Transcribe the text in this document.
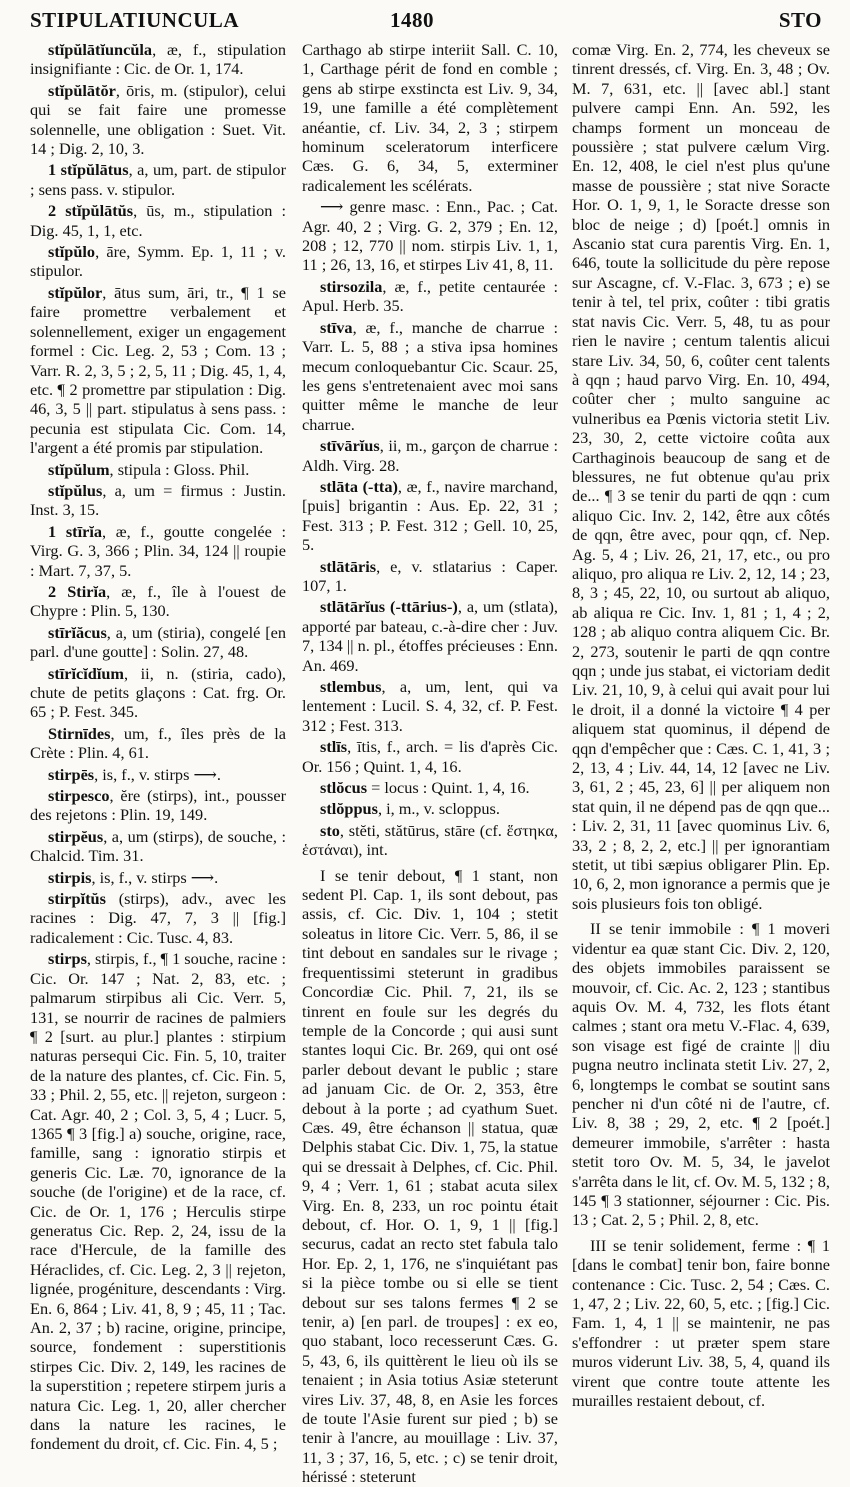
STIPULATIUNCULA	1480	STO

stĭpŭlātĭuncŭla, æ, f., stipulation insignifiante : Cic. de Or. 1, 174.

stĭpŭlātŏr, ōris, m. (stipulor), celui qui se fait faire une promesse solennelle, une obligation : Suet. Vit. 14 ; Dig. 2, 10, 3.

1 stĭpŭlātus, a, um, part. de stipulor ; sens pass. v. stipulor.

2 stĭpŭlātŭs, ūs, m., stipulation : Dig. 45, 1, 1, etc.

stĭpŭlo, āre, Symm. Ep. 1, 11 ; v. stipulor.

stĭpŭlor, ātus sum, āri, tr., ¶ 1 se faire promettre verbalement et solennellement, exiger un engagement formel : Cic. Leg. 2, 53 ; Com. 13 ; Varr. R. 2, 3, 5 ; 2, 5, 11 ; Dig. 45, 1, 4, etc. ¶ 2 promettre par stipulation : Dig. 46, 3, 5 || part. stipulatus à sens pass. : pecunia est stipulata Cic. Com. 14, l'argent a été promis par stipulation.

stĭpŭlum, stipula : Gloss. Phil.

stĭpŭlus, a, um = firmus : Justin. Inst. 3, 15.

1 stīrĭa, æ, f., goutte congelée : Virg. G. 3, 366 ; Plin. 34, 124 || roupie : Mart. 7, 37, 5.

2 Stirĭa, æ, f., île à l'ouest de Chypre : Plin. 5, 130.

stīrĭăcus, a, um (stiria), congelé [en parl. d'une goutte] : Solin. 27, 48.

stīrĭcĭdĭum, ii, n. (stiria, cado), chute de petits glaçons : Cat. frg. Or. 65 ; P. Fest. 345.

Stirnīdes, um, f., îles près de la Crète : Plin. 4, 61.

stirpēs, is, f., v. stirps ⟶.

stirpesco, ĕre (stirps), int., pousser des rejetons : Plin. 19, 149.

stirpĕus, a, um (stirps), de souche, : Chalcid. Tim. 31.

stirpis, is, f., v. stirps ⟶.

stirpĭtŭs (stirps), adv., avec les racines : Dig. 47, 7, 3 || [fig.] radicalement : Cic. Tusc. 4, 83.

stirps, stirpis, f., ¶ 1 souche, racine : Cic. Or. 147 ; Nat. 2, 83, etc. ; palmarum stirpibus ali Cic. Verr. 5, 131, se nourrir de racines de palmiers ¶ 2 [surt. au plur.] plantes : stirpium naturas persequi Cic. Fin. 5, 10, traiter de la nature des plantes, cf. Cic. Fin. 5, 33 ; Phil. 2, 55, etc. || rejeton, surgeon : Cat. Agr. 40, 2 ; Col. 3, 5, 4 ; Lucr. 5, 1365 ¶ 3 [fig.] a) souche, origine, race, famille, sang : ignoratio stirpis et generis Cic. Læ. 70, ignorance de la souche (de l'origine) et de la race, cf. Cic. de Or. 1, 176 ; Herculis stirpe generatus Cic. Rep. 2, 24, issu de la race d'Hercule, de la famille des Héraclides, cf. Cic. Leg. 2, 3 || rejeton, lignée, progéniture, descendants : Virg. En. 6, 864 ; Liv. 41, 8, 9 ; 45, 11 ; Tac. An. 2, 37 ; b) racine, origine, principe, source, fondement : superstitionis stirpes Cic. Div. 2, 149, les racines de la superstition ; repetere stirpem juris a natura Cic. Leg. 1, 20, aller chercher dans la nature les racines, le fondement du droit, cf. Cic. Fin. 4, 5 ;

Carthago ab stirpe interiit Sall. C. 10, 1, Carthage périt de fond en comble ; gens ab stirpe exstincta est Liv. 9, 34, 19, une famille a été complètement anéantie, cf. Liv. 34, 2, 3 ; stirpem hominum sceleratorum interficere Cæs. G. 6, 34, 5, exterminer radicalement les scélérats.

⟶ genre masc. : Enn., Pac. ; Cat. Agr. 40, 2 ; Virg. G. 2, 379 ; En. 12, 208 ; 12, 770 || nom. stirpis Liv. 1, 1, 11 ; 26, 13, 16, et stirpes Liv 41, 8, 11.

stirsozila, æ, f., petite centaurée : Apul. Herb. 35.

stīva, æ, f., manche de charrue : Varr. L. 5, 88 ; a stiva ipsa homines mecum conloquebantur Cic. Scaur. 25, les gens s'entretenaient avec moi sans quitter même le manche de leur charrue.

stīvārĭus, ii, m., garçon de charrue : Aldh. Virg. 28.

stlāta (-tta), æ, f., navire marchand, [puis] brigantin : Aus. Ep. 22, 31 ; Fest. 313 ; P. Fest. 312 ; Gell. 10, 25, 5.

stlātāris, e, v. stlatarius : Caper. 107, 1.

stlātārĭus (-ttārius-), a, um (stlata), apporté par bateau, c.-à-dire cher : Juv. 7, 134 || n. pl., étoffes précieuses : Enn. An. 469.

stlembus, a, um, lent, qui va lentement : Lucil. S. 4, 32, cf. P. Fest. 312 ; Fest. 313.

stlīs, ītis, f., arch. = lis d'après Cic. Or. 156 ; Quint. 1, 4, 16.

stlŏcus = locus : Quint. 1, 4, 16.

stlŏppus, i, m., v. scloppus.

sto, stĕti, stătūrus, stāre (cf. ἕστηκα, ἑστάναι), int.

I se tenir debout, ¶ 1 stant, non sedent Pl. Cap. 1, ils sont debout, pas assis, cf. Cic. Div. 1, 104 ; stetit soleatus in litore Cic. Verr. 5, 86, il se tint debout en sandales sur le rivage ; frequentissimi steterunt in gradibus Concordiæ Cic. Phil. 7, 21, ils se tinrent en foule sur les degrés du temple de la Concorde ; qui ausi sunt stantes loqui Cic. Br. 269, qui ont osé parler debout devant le public ; stare ad januam Cic. de Or. 2, 353, être debout à la porte ; ad cyathum Suet. Cæs. 49, être échanson || statua, quæ Delphis stabat Cic. Div. 1, 75, la statue qui se dressait à Delphes, cf. Cic. Phil. 9, 4 ; Verr. 1, 61 ; stabat acuta silex Virg. En. 8, 233, un roc pointu était debout, cf. Hor. O. 1, 9, 1 || [fig.] securus, cadat an recto stet fabula talo Hor. Ep. 2, 1, 176, ne s'inquiétant pas si la pièce tombe ou si elle se tient debout sur ses talons fermes ¶ 2 se tenir, a) [en parl. de troupes] : ex eo, quo stabant, loco recesserunt Cæs. G. 5, 43, 6, ils quittèrent le lieu où ils se tenaient ; in Asia totius Asiæ steterunt vires Liv. 37, 48, 8, en Asie les forces de toute l'Asie furent sur pied ; b) se tenir à l'ancre, au mouillage : Liv. 37, 11, 3 ; 37, 16, 5, etc. ; c) se tenir droit, hérissé : steterunt

comæ Virg. En. 2, 774, les cheveux se tinrent dressés, cf. Virg. En. 3, 48 ; Ov. M. 7, 631, etc. || [avec abl.] stant pulvere campi Enn. An. 592, les champs forment un monceau de poussière ; stat pulvere cælum Virg. En. 12, 408, le ciel n'est plus qu'une masse de poussière ; stat nive Soracte Hor. O. 1, 9, 1, le Soracte dresse son bloc de neige ; d) [poét.] omnis in Ascanio stat cura parentis Virg. En. 1, 646, toute la sollicitude du père repose sur Ascagne, cf. V.-Flac. 3, 673 ; e) se tenir à tel, tel prix, coûter : tibi gratis stat navis Cic. Verr. 5, 48, tu as pour rien le navire ; centum talentis alicui stare Liv. 34, 50, 6, coûter cent talents à qqn ; haud parvo Virg. En. 10, 494, coûter cher ; multo sanguine ac vulneribus ea Pœnis victoria stetit Liv. 23, 30, 2, cette victoire coûta aux Carthaginois beaucoup de sang et de blessures, ne fut obtenue qu'au prix de... ¶ 3 se tenir du parti de qqn : cum aliquo Cic. Inv. 2, 142, être aux côtés de qqn, être avec, pour qqn, cf. Nep. Ag. 5, 4 ; Liv. 26, 21, 17, etc., ou pro aliquo, pro aliqua re Liv. 2, 12, 14 ; 23, 8, 3 ; 45, 22, 10, ou surtout ab aliquo, ab aliqua re Cic. Inv. 1, 81 ; 1, 4 ; 2, 128 ; ab aliquo contra aliquem Cic. Br. 2, 273, soutenir le parti de qqn contre qqn ; unde jus stabat, ei victoriam dedit Liv. 21, 10, 9, à celui qui avait pour lui le droit, il a donné la victoire ¶ 4 per aliquem stat quominus, il dépend de qqn d'empêcher que : Cæs. C. 1, 41, 3 ; 2, 13, 4 ; Liv. 44, 14, 12 [avec ne Liv. 3, 61, 2 ; 45, 23, 6] || per aliquem non stat quin, il ne dépend pas de qqn que... : Liv. 2, 31, 11 [avec quominus Liv. 6, 33, 2 ; 8, 2, 2, etc.] || per ignorantiam stetit, ut tibi sæpius obligarer Plin. Ep. 10, 6, 2, mon ignorance a permis que je sois plusieurs fois ton obligé.

II se tenir immobile : ¶ 1 moveri videntur ea quæ stant Cic. Div. 2, 120, des objets immobiles paraissent se mouvoir, cf. Cic. Ac. 2, 123 ; stantibus aquis Ov. M. 4, 732, les flots étant calmes ; stant ora metu V.-Flac. 4, 639, son visage est figé de crainte || diu pugna neutro inclinata stetit Liv. 27, 2, 6, longtemps le combat se soutint sans pencher ni d'un côté ni de l'autre, cf. Liv. 8, 38 ; 29, 2, etc. ¶ 2 [poét.] demeurer immobile, s'arrêter : hasta stetit toro Ov. M. 5, 34, le javelot s'arrêta dans le lit, cf. Ov. M. 5, 132 ; 8, 145 ¶ 3 stationner, séjourner : Cic. Pis. 13 ; Cat. 2, 5 ; Phil. 2, 8, etc.

III se tenir solidement, ferme : ¶ 1 [dans le combat] tenir bon, faire bonne contenance : Cic. Tusc. 2, 54 ; Cæs. C. 1, 47, 2 ; Liv. 22, 60, 5, etc. ; [fig.] Cic. Fam. 1, 4, 1 || se maintenir, ne pas s'effondrer : ut præter spem stare muros viderunt Liv. 38, 5, 4, quand ils virent que contre toute attente les murailles restaient debout, cf.
